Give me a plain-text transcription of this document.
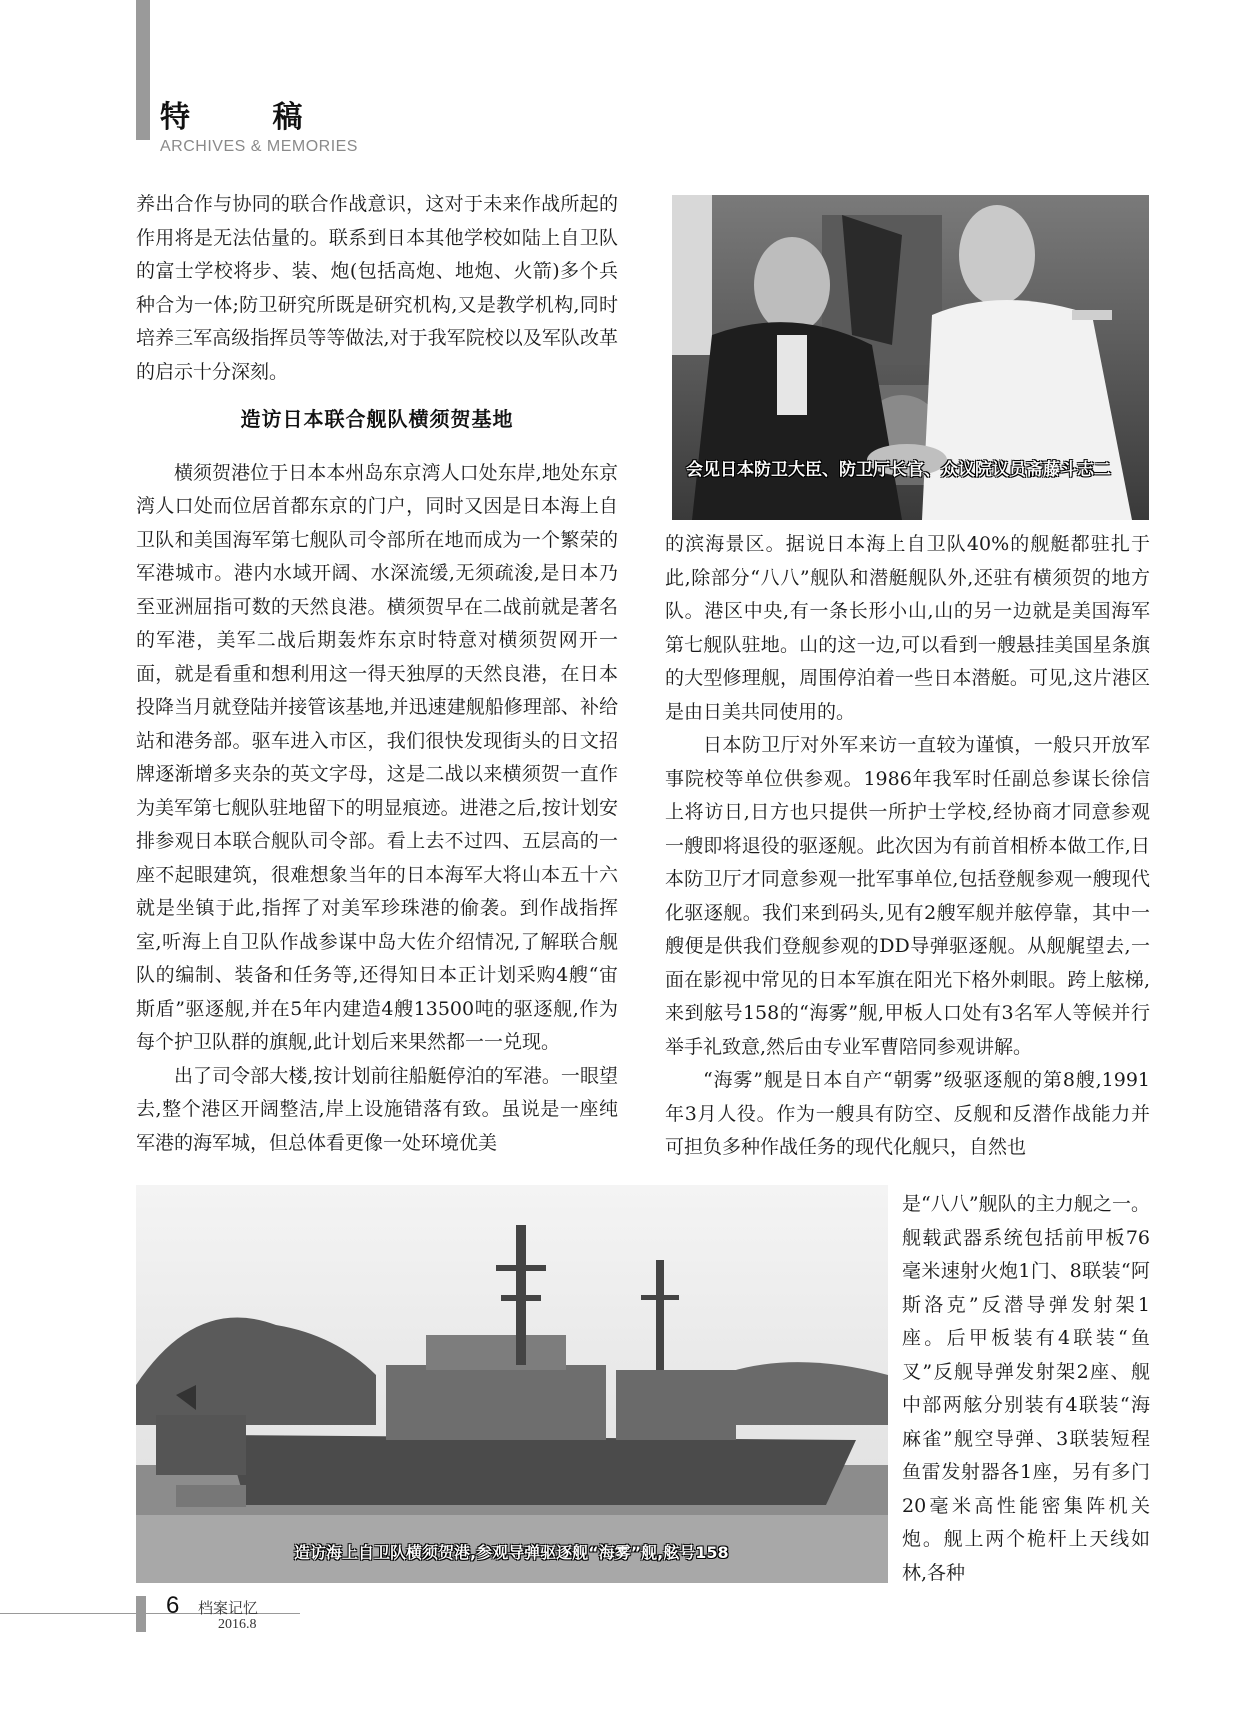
特 稿
ARCHIVES & MEMORIES

养出合作与协同的联合作战意识，这对于未来作战所起的作用将是无法估量的。联系到日本其他学校如陆上自卫队的富士学校将步、装、炮(包括高炮、地炮、火箭)多个兵种合为一体;防卫研究所既是研究机构,又是教学机构,同时培养三军高级指挥员等等做法,对于我军院校以及军队改革的启示十分深刻。

造访日本联合舰队横须贺基地

横须贺港位于日本本州岛东京湾人口处东岸,地处东京湾人口处而位居首都东京的门户，同时又因是日本海上自卫队和美国海军第七舰队司令部所在地而成为一个繁荣的军港城市。港内水域开阔、水深流缓,无须疏浚,是日本乃至亚洲屈指可数的天然良港。横须贺早在二战前就是著名的军港，美军二战后期轰炸东京时特意对横须贺网开一面，就是看重和想利用这一得天独厚的天然良港，在日本投降当月就登陆并接管该基地,并迅速建舰船修理部、补给站和港务部。驱车进入市区，我们很快发现街头的日文招牌逐渐增多夹杂的英文字母，这是二战以来横须贺一直作为美军第七舰队驻地留下的明显痕迹。进港之后,按计划安排参观日本联合舰队司令部。看上去不过四、五层高的一座不起眼建筑，很难想象当年的日本海军大将山本五十六就是坐镇于此,指挥了对美军珍珠港的偷袭。到作战指挥室,听海上自卫队作战参谋中岛大佐介绍情况,了解联合舰队的编制、装备和任务等,还得知日本正计划采购4艘“宙斯盾”驱逐舰,并在5年内建造4艘13500吨的驱逐舰,作为每个护卫队群的旗舰,此计划后来果然都一一兑现。

出了司令部大楼,按计划前往船艇停泊的军港。一眼望去,整个港区开阔整洁,岸上设施错落有致。虽说是一座纯军港的海军城，但总体看更像一处环境优美

会见日本防卫大臣、防卫厅长官、众议院议员斋藤斗志二

的滨海景区。据说日本海上自卫队40%的舰艇都驻扎于此,除部分“八八”舰队和潜艇舰队外,还驻有横须贺的地方队。港区中央,有一条长形小山,山的另一边就是美国海军第七舰队驻地。山的这一边,可以看到一艘悬挂美国星条旗的大型修理舰，周围停泊着一些日本潜艇。可见,这片港区是由日美共同使用的。

日本防卫厅对外军来访一直较为谨慎，一般只开放军事院校等单位供参观。1986年我军时任副总参谋长徐信上将访日,日方也只提供一所护士学校,经协商才同意参观一艘即将退役的驱逐舰。此次因为有前首相桥本做工作,日本防卫厅才同意参观一批军事单位,包括登舰参观一艘现代化驱逐舰。我们来到码头,见有2艘军舰并舷停靠，其中一艘便是供我们登舰参观的DD导弹驱逐舰。从舰艉望去,一面在影视中常见的日本军旗在阳光下格外刺眼。跨上舷梯,来到舷号158的“海雾”舰,甲板人口处有3名军人等候并行举手礼致意,然后由专业军曹陪同参观讲解。

“海雾”舰是日本自产“朝雾”级驱逐舰的第8艘,1991年3月人役。作为一艘具有防空、反舰和反潜作战能力并可担负多种作战任务的现代化舰只，自然也

造访海上自卫队横须贺港,参观导弹驱逐舰“海雾”舰,舷号158

是“八八”舰队的主力舰之一。舰载武器系统包括前甲板76毫米速射火炮1门、8联装“阿斯洛克”反潜导弹发射架1座。后甲板装有4联装“鱼叉”反舰导弹发射架2座、舰中部两舷分别装有4联装“海麻雀”舰空导弹、3联装短程鱼雷发射器各1座，另有多门20毫米高性能密集阵机关炮。舰上两个桅杆上天线如林,各种

6 档案记忆
2016.8
